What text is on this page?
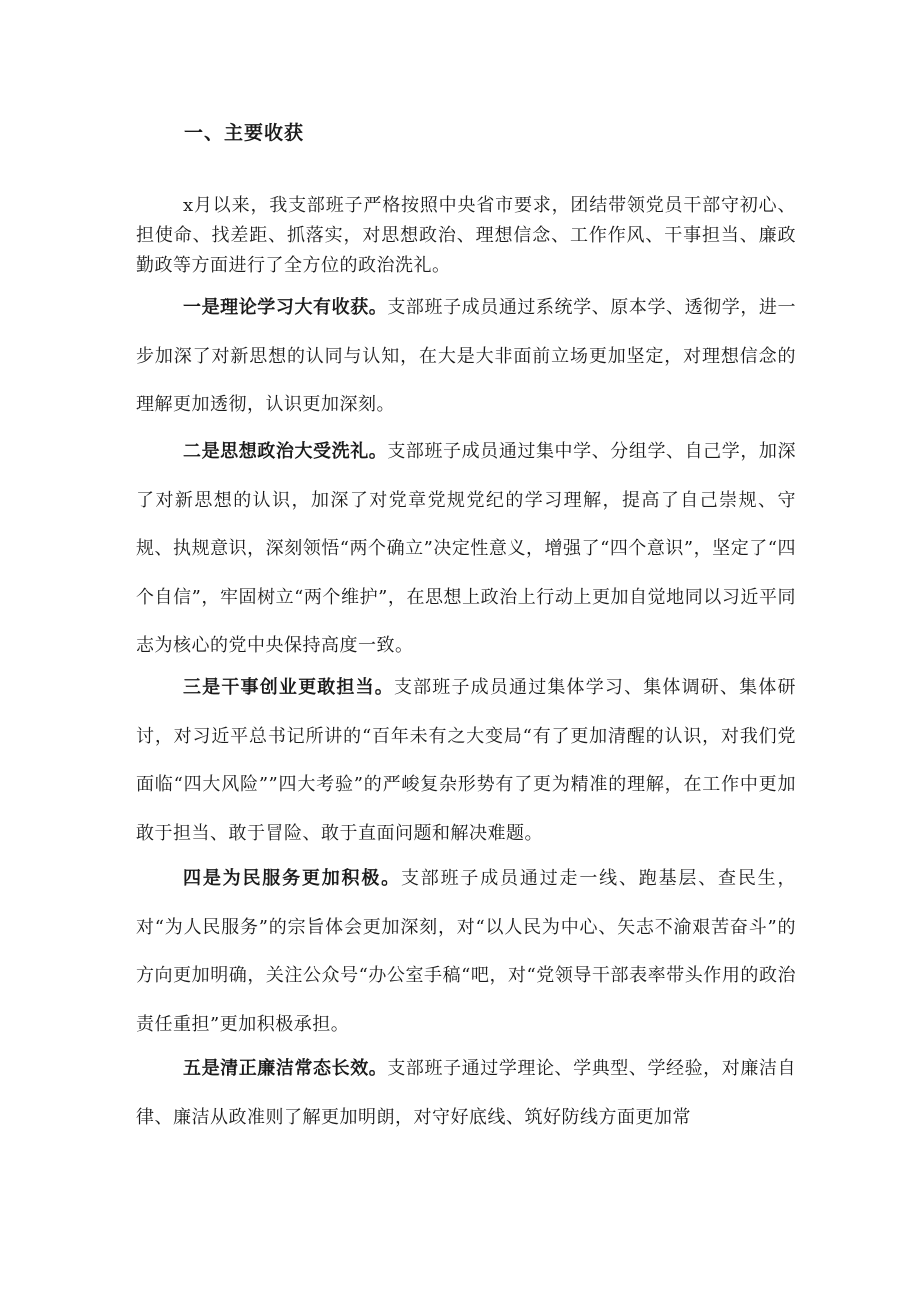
一、主要收获

x月以来，我支部班子严格按照中央省市要求，团结带领党员干部守初心、担使命、找差距、抓落实，对思想政治、理想信念、工作作风、干事担当、廉政勤政等方面进行了全方位的政治洗礼。

一是理论学习大有收获。支部班子成员通过系统学、原本学、透彻学，进一步加深了对新思想的认同与认知，在大是大非面前立场更加坚定，对理想信念的理解更加透彻，认识更加深刻。

二是思想政治大受洗礼。支部班子成员通过集中学、分组学、自己学，加深了对新思想的认识，加深了对党章党规党纪的学习理解，提高了自己崇规、守规、执规意识，深刻领悟“两个确立”决定性意义，增强了“四个意识”，坚定了“四个自信”，牢固树立“两个维护”，在思想上政治上行动上更加自觉地同以习近平同志为核心的党中央保持高度一致。

三是干事创业更敢担当。支部班子成员通过集体学习、集体调研、集体研讨，对习近平总书记所讲的“百年未有之大变局“有了更加清醒的认识，对我们党面临“四大风险””四大考验”的严峻复杂形势有了更为精准的理解，在工作中更加敢于担当、敢于冒险、敢于直面问题和解决难题。

四是为民服务更加积极。支部班子成员通过走一线、跑基层、查民生，对“为人民服务”的宗旨体会更加深刻，对“以人民为中心、矢志不渝艰苦奋斗”的方向更加明确，关注公众号“办公室手稿“吧，对“党领导干部表率带头作用的政治责任重担”更加积极承担。

五是清正廉洁常态长效。支部班子通过学理论、学典型、学经验，对廉洁自律、廉洁从政准则了解更加明朗，对守好底线、筑好防线方面更加常
